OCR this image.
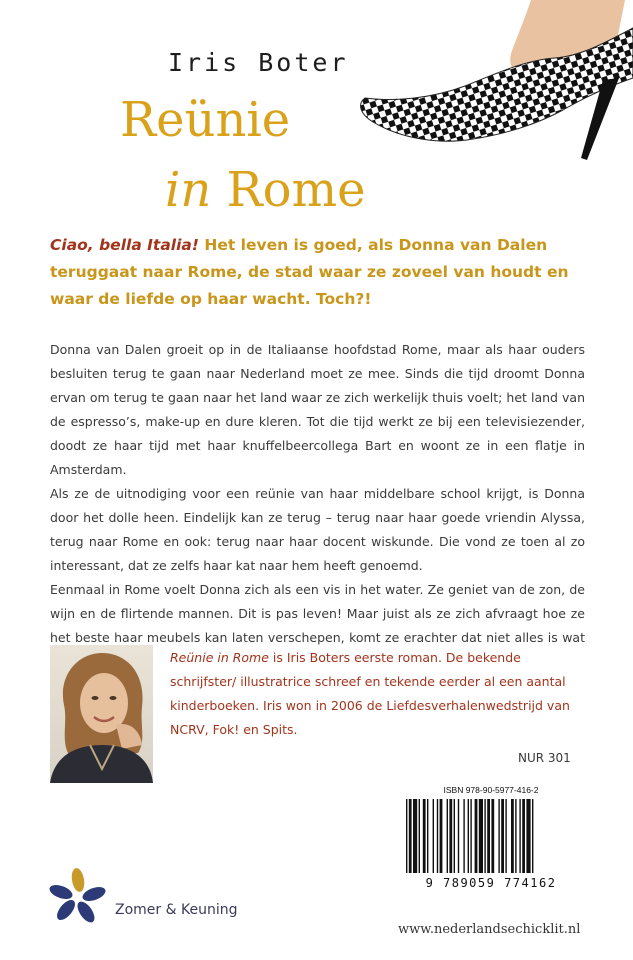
Iris Boter
Reünie
in Rome
Ciao, bella Italia! Het leven is goed, als Donna van Dalen teruggaat naar Rome, de stad waar ze zoveel van houdt en waar de liefde op haar wacht. Toch?!

Donna van Dalen groeit op in de Italiaanse hoofdstad Rome, maar als haar ouders besluiten terug te gaan naar Nederland moet ze mee. Sinds die tijd droomt Donna ervan om terug te gaan naar het land waar ze zich werkelijk thuis voelt; het land van de espresso’s, make-up en dure kleren. Tot die tijd werkt ze bij een televisiezender, doodt ze haar tijd met haar knuffelbeercollega Bart en woont ze in een flatje in Amsterdam.

Als ze de uitnodiging voor een reünie van haar middelbare school krijgt, is Donna door het dolle heen. Eindelijk kan ze terug – terug naar haar goede vriendin Alyssa, terug naar Rome en ook: terug naar haar docent wiskunde. Die vond ze toen al zo interessant, dat ze zelfs haar kat naar hem heeft genoemd.

Eenmaal in Rome voelt Donna zich als een vis in het water. Ze geniet van de zon, de wijn en de flirtende mannen. Dit is pas leven! Maar juist als ze zich afvraagt hoe ze het beste haar meubels kan laten verschepen, komt ze erachter dat niet alles is wat

Reünie in Rome is Iris Boters eerste roman. De bekende schrijfster/ illustratrice schreef en tekende eerder al een aantal kinderboeken. Iris won in 2006 de Liefdesverhalenwedstrijd van NCRV, Fok! en Spits.
NUR 301
ISBN 978-90-5977-416-2
9 789059 774162
Zomer & Keuning
www.nederlandsechicklit.nl
